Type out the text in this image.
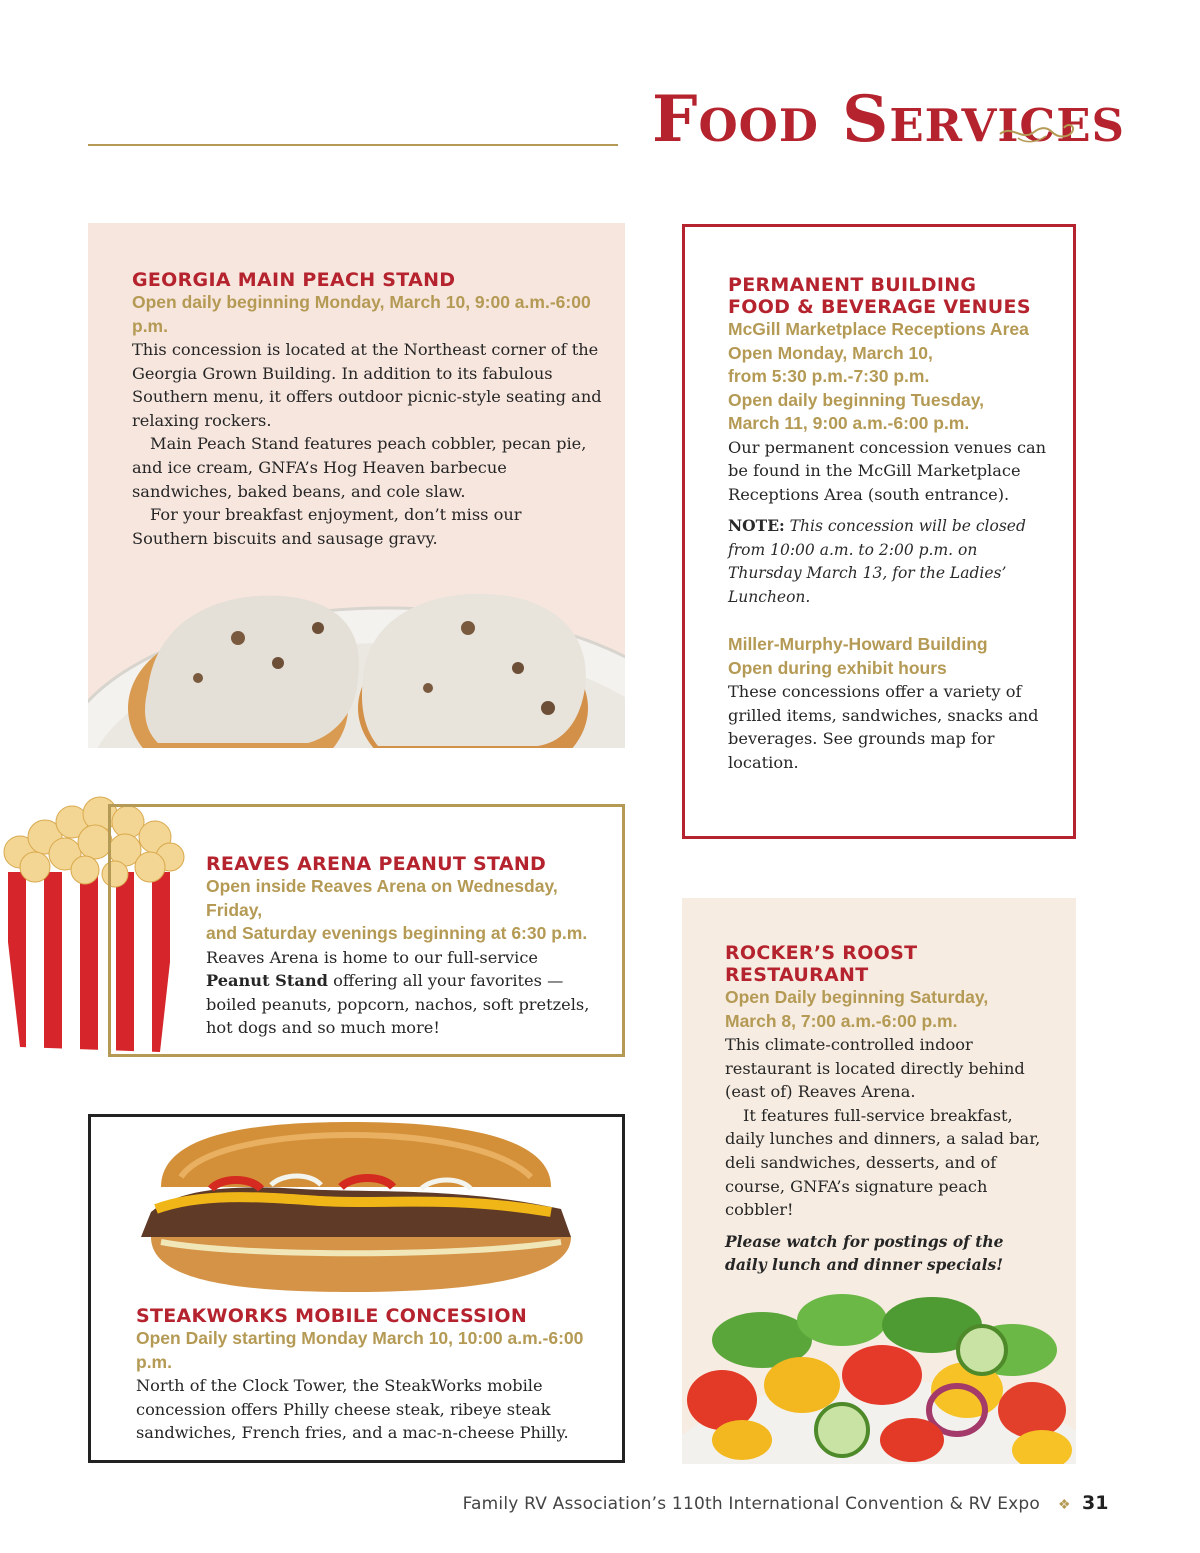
Food Services
GEORGIA MAIN PEACH STAND
Open daily beginning Monday, March 10, 9:00 a.m.-6:00 p.m.
This concession is located at the Northeast corner of the Georgia Grown Building. In addition to its fabulous Southern menu, it offers outdoor picnic-style seating and relaxing rockers.
Main Peach Stand features peach cobbler, pecan pie, and ice cream, GNFA’s Hog Heaven barbecue sandwiches, baked beans, and cole slaw.
For your breakfast enjoyment, don’t miss our Southern biscuits and sausage gravy.
PERMANENT BUILDING
FOOD & BEVERAGE VENUES
McGill Marketplace Receptions Area
Open Monday, March 10,
from 5:30 p.m.-7:30 p.m.
Open daily beginning Tuesday,
March 11, 9:00 a.m.-6:00 p.m.
Our permanent concession venues can be found in the McGill Marketplace Receptions Area (south entrance).
NOTE: This concession will be closed from 10:00 a.m. to 2:00 p.m. on Thursday March 13, for the Ladies’ Luncheon.
Miller-Murphy-Howard Building
Open during exhibit hours
These concessions offer a variety of grilled items, sandwiches, snacks and beverages. See grounds map for location.
REAVES ARENA PEANUT STAND
Open inside Reaves Arena on Wednesday, Friday,
and Saturday evenings beginning at 6:30 p.m.
Reaves Arena is home to our full-service Peanut Stand offering all your favorites — boiled peanuts, popcorn, nachos, soft pretzels, hot dogs and so much more!
ROCKER’S ROOST
RESTAURANT
Open Daily beginning Saturday,
March 8, 7:00 a.m.-6:00 p.m.
This climate-controlled indoor restaurant is located directly behind (east of) Reaves Arena.
It features full-service breakfast, daily lunches and dinners, a salad bar, deli sandwiches, desserts, and of course, GNFA’s signature peach cobbler!
Please watch for postings of the daily lunch and dinner specials!
STEAKWORKS MOBILE CONCESSION
Open Daily starting Monday March 10, 10:00 a.m.-6:00 p.m.
North of the Clock Tower, the SteakWorks mobile concession offers Philly cheese steak, ribeye steak sandwiches, French fries, and a mac-n-cheese Philly.
Family RV Association’s 110th International Convention & RV Expo ❖ 31
